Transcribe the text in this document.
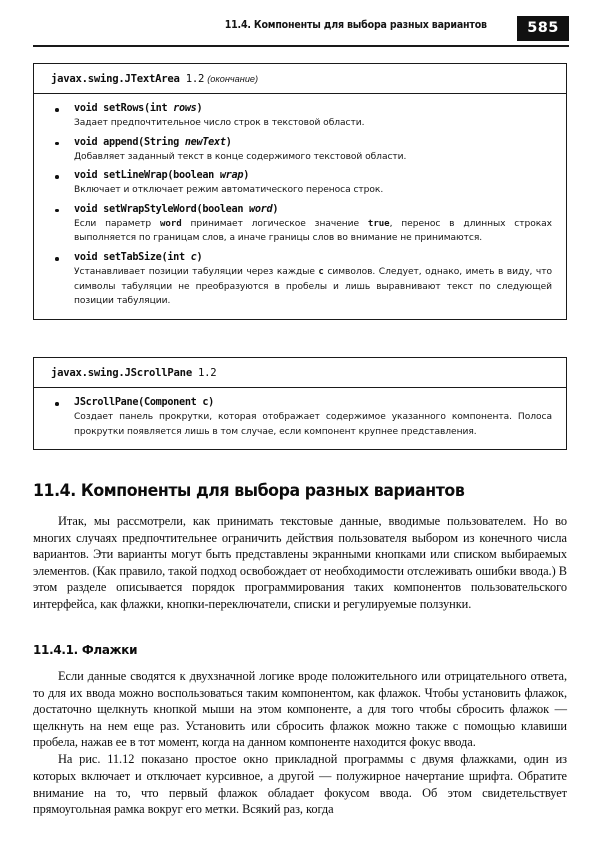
11.4. Компоненты для выбора разных вариантов	585
javax.swing.JTextArea 1.2 (окончание)
void setRows(int rows)
Задает предпочтительное число строк в текстовой области.
void append(String newText)
Добавляет заданный текст в конце содержимого текстовой области.
void setLineWrap(boolean wrap)
Включает и отключает режим автоматического переноса строк.
void setWrapStyleWord(boolean word)
Если параметр word принимает логическое значение true, перенос в длинных строках выполняется по границам слов, а иначе границы слов во внимание не принимаются.
void setTabSize(int c)
Устанавливает позиции табуляции через каждые c символов. Следует, однако, иметь в виду, что символы табуляции не преобразуются в пробелы и лишь выравнивают текст по следующей позиции табуляции.
javax.swing.JScrollPane 1.2
JScrollPane(Component c)
Создает панель прокрутки, которая отображает содержимое указанного компонента. Полоса прокрутки появляется лишь в том случае, если компонент крупнее представления.
11.4. Компоненты для выбора разных вариантов

Итак, мы рассмотрели, как принимать текстовые данные, вводимые пользователем. Но во многих случаях предпочтительнее ограничить действия пользователя выбором из конечного числа вариантов. Эти варианты могут быть представлены экранными кнопками или списком выбираемых элементов. (Как правило, такой подход освобождает от необходимости отслеживать ошибки ввода.) В этом разделе описывается порядок программирования таких компонентов пользовательского интерфейса, как флажки, кнопки-переключатели, списки и регулируемые ползунки.

11.4.1. Флажки

Если данные сводятся к двухзначной логике вроде положительного или отрицательного ответа, то для их ввода можно воспользоваться таким компонентом, как флажок. Чтобы установить флажок, достаточно щелкнуть кнопкой мыши на этом компоненте, а для того чтобы сбросить флажок — щелкнуть на нем еще раз. Установить или сбросить флажок можно также с помощью клавиши пробела, нажав ее в тот момент, когда на данном компоненте находится фокус ввода.

На рис. 11.12 показано простое окно прикладной программы с двумя флажками, один из которых включает и отключает курсивное, а другой — полужирное начертание шрифта. Обратите внимание на то, что первый флажок обладает фокусом ввода. Об этом свидетельствует прямоугольная рамка вокруг его метки. Всякий раз, когда
